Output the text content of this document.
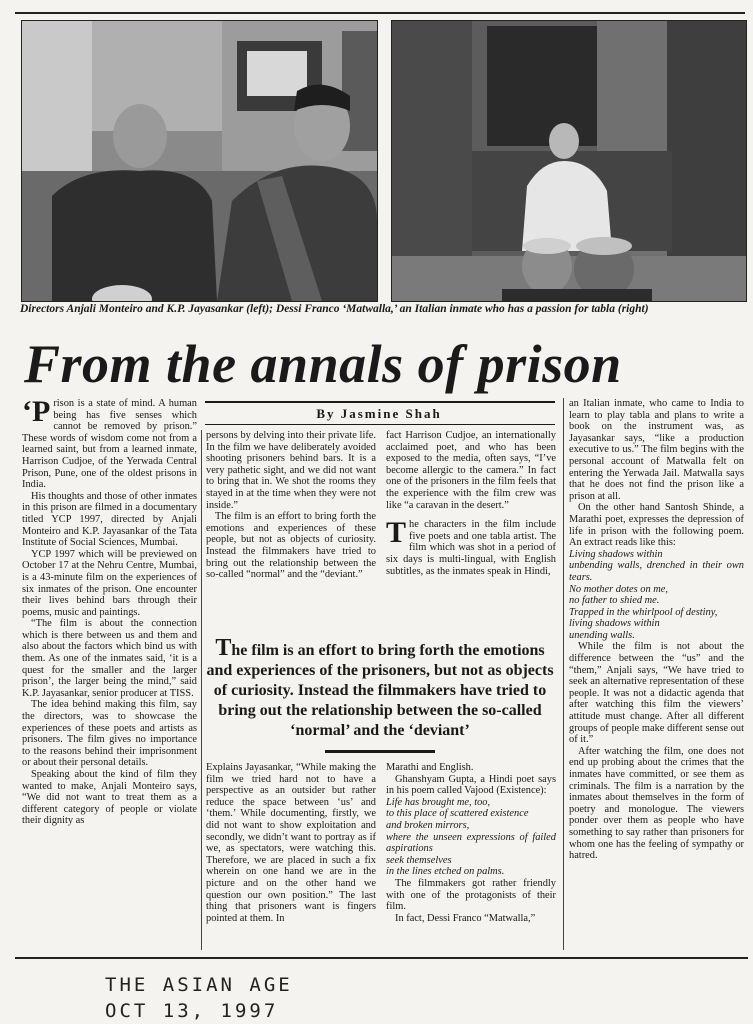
Directors Anjali Monteiro and K.P. Jayasankar (left); Dessi Franco ‘Matwalla,’ an Italian inmate who has a passion for tabla (right)
From the annals of prison
By Jasmine Shah

‘Prison is a state of mind. A human being has five senses which cannot be removed by prison.” These words of wisdom come not from a learned saint, but from a learned inmate, Harrison Cudjoe, of the Yerwada Central Prison, Pune, one of the oldest prisons in India.

His thoughts and those of other inmates in this prison are filmed in a documentary titled YCP 1997, directed by Anjali Monteiro and K.P. Jayasankar of the Tata Institute of Social Sciences, Mumbai.

YCP 1997 which will be previewed on October 17 at the Nehru Centre, Mumbai, is a 43-minute film on the experiences of six inmates of the prison. One encounter their lives behind bars through their poems, music and paintings.

“The film is about the connection which is there between us and them and also about the factors which bind us with them. As one of the inmates said, ‘it is a quest for the smaller and the larger prison’, the larger being the mind,” said K.P. Jayasankar, senior producer at TISS.

The idea behind making this film, say the directors, was to showcase the experiences of these poets and artists as prisoners. The film gives no importance to the reasons behind their imprisonment or about their personal details.

Speaking about the kind of film they wanted to make, Anjali Monteiro says, “We did not want to treat them as a different category of people or violate their dignity as

persons by delving into their private life. In the film we have deliberately avoided shooting prisoners behind bars. It is a very pathetic sight, and we did not want to bring that in. We shot the rooms they stayed in at the time when they were not inside.”

The film is an effort to bring forth the emotions and experiences of these people, but not as objects of curiosity. Instead the filmmakers have tried to bring out the relationship between the so-called “normal” and the “deviant.”

fact Harrison Cudjoe, an internationally acclaimed poet, and who has been exposed to the media, often says, “I’ve become allergic to the camera.” In fact one of the prisoners in the film feels that the experience with the film crew was like “a caravan in the desert.”

The characters in the film include five poets and one tabla artist. The film which was shot in a period of six days is multi-lingual, with English subtitles, as the inmates speak in Hindi,

The film is an effort to bring forth the emotions and experiences of the prisoners, but not as objects of curiosity. Instead the filmmakers have tried to bring out the relationship between the so-called ‘normal’ and the ‘deviant’

Explains Jayasankar, “While making the film we tried hard not to have a perspective as an outsider but rather reduce the space between ‘us’ and ‘them.’ While documenting, firstly, we did not want to show exploitation and secondly, we didn’t want to portray as if we, as spectators, were watching this. Therefore, we are placed in such a fix wherein on one hand we are in the picture and on the other hand we question our own position.” The last thing that prisoners want is fingers pointed at them. In

Marathi and English.

Ghanshyam Gupta, a Hindi poet says in his poem called Vajood (Existence):

Life has brought me, too,
to this place of scattered existence
and broken mirrors,
where the unseen expressions of failed aspirations
seek themselves
in the lines etched on palms.

The filmmakers got rather friendly with one of the protagonists of their film.

In fact, Dessi Franco “Matwalla,”

an Italian inmate, who came to India to learn to play tabla and plans to write a book on the instrument was, as Jayasankar says, “like a production executive to us.” The film begins with the personal account of Matwalla felt on entering the Yerwada Jail. Matwalla says that he does not find the prison like a prison at all.

On the other hand Santosh Shinde, a Marathi poet, expresses the depression of life in prison with the following poem. An extract reads like this:

Living shadows within
unbending walls, drenched in their own tears.
No mother dotes on me,
no father to shied me.
Trapped in the whirlpool of destiny,
living shadows within
unending walls.

While the film is not about the difference between the “us” and the “them,” Anjali says, “We have tried to seek an alternative representation of these people. It was not a didactic agenda that after watching this film the viewers’ attitude must change. After all different groups of people make different sense out of it.”

After watching the film, one does not end up probing about the crimes that the inmates have committed, or see them as criminals. The film is a narration by the inmates about themselves in the form of poetry and monologue. The viewers ponder over them as people who have something to say rather than prisoners for whom one has the feeling of sympathy or hatred.

THE ASIAN AGE
OCT 13, 1997
